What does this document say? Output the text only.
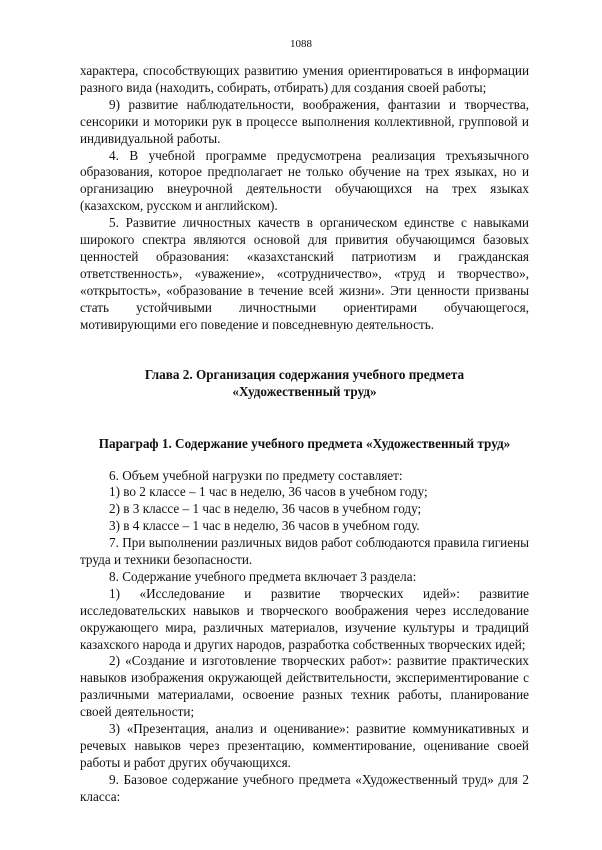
1088

характера, способствующих развитию умения ориентироваться в информации разного вида (находить, собирать, отбирать) для создания своей работы;

9) развитие наблюдательности, воображения, фантазии и творчества, сенсорики и моторики рук в процессе выполнения коллективной, групповой и индивидуальной работы.

4. В учебной программе предусмотрена реализация трехъязычного образования, которое предполагает не только обучение на трех языках, но и организацию внеурочной деятельности обучающихся на трех языках (казахском, русском и английском).

5. Развитие личностных качеств в органическом единстве с навыками широкого спектра являются основой для привития обучающимся базовых ценностей образования: «казахстанский патриотизм и гражданская ответственность», «уважение», «сотрудничество», «труд и творчество», «открытость», «образование в течение всей жизни». Эти ценности призваны стать устойчивыми личностными ориентирами обучающегося, мотивирующими его поведение и повседневную деятельность.

Глава 2. Организация содержания учебного предмета
«Художественный труд»

Параграф 1. Содержание учебного предмета «Художественный труд»

6. Объем учебной нагрузки по предмету составляет:

1) во 2 классе – 1 час в неделю, 36 часов в учебном году;

2) в 3 классе – 1 час в неделю, 36 часов в учебном году;

3) в 4 классе – 1 час в неделю, 36 часов в учебном году.

7. При выполнении различных видов работ соблюдаются правила гигиены труда и техники безопасности.

8. Содержание учебного предмета включает 3 раздела:

1) «Исследование и развитие творческих идей»: развитие исследовательских навыков и творческого воображения через исследование окружающего мира, различных материалов, изучение культуры и традиций казахского народа и других народов, разработка собственных творческих идей;

2) «Создание и изготовление творческих работ»: развитие практических навыков изображения окружающей действительности, экспериментирование с различными материалами, освоение разных техник работы, планирование своей деятельности;

3) «Презентация, анализ и оценивание»: развитие коммуникативных и речевых навыков через презентацию, комментирование, оценивание своей работы и работ других обучающихся.

9. Базовое содержание учебного предмета «Художественный труд» для 2 класса:
